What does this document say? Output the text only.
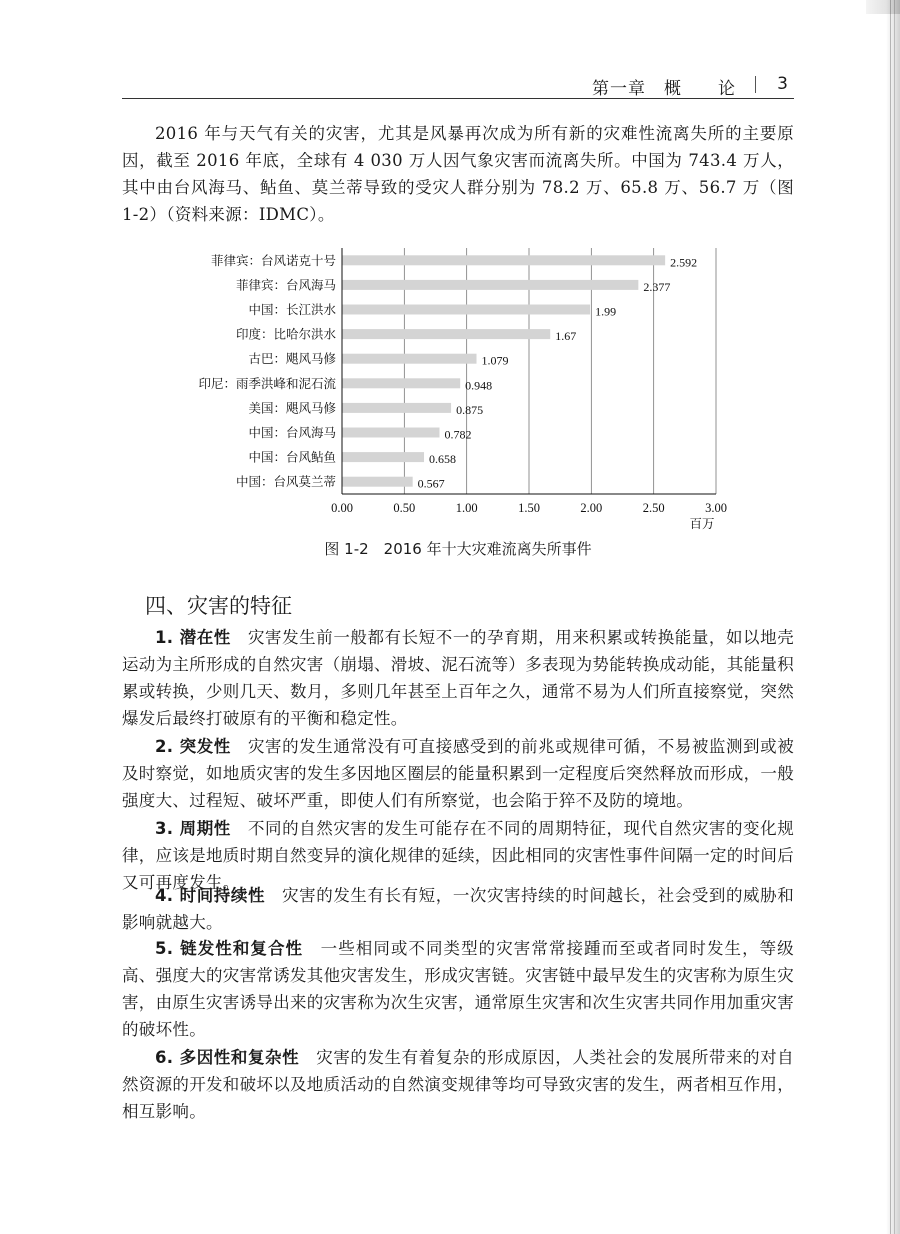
第一章　概　　论 3

2016 年与天气有关的灾害，尤其是风暴再次成为所有新的灾难性流离失所的主要原因，截至 2016 年底，全球有 4 030 万人因气象灾害而流离失所。中国为 743.4 万人，其中由台风海马、鲇鱼、莫兰蒂导致的受灾人群分别为 78.2 万、65.8 万、56.7 万（图 1-2）（资料来源：IDMC）。

菲律宾：台风诺克十号	2.592
菲律宾：台风海马	2.377
中国：长江洪水	1.99
印度：比哈尔洪水	1.67
古巴：飓风马修	1.079
印尼：雨季洪峰和泥石流	0.948
美国：飓风马修	0.875
中国：台风海马	0.782
中国：台风鲇鱼	0.658
中国：台风莫兰蒂	0.567
0.00	0.50	1.00	1.50	2.00	2.50	3.00
百万
图 1-2　2016 年十大灾难流离失所事件
四、灾害的特征

1. 潜在性　 灾害发生前一般都有长短不一的孕育期，用来积累或转换能量，如以地壳运动为主所形成的自然灾害（崩塌、滑坡、泥石流等）多表现为势能转换成动能，其能量积累或转换，少则几天、数月，多则几年甚至上百年之久，通常不易为人们所直接察觉，突然爆发后最终打破原有的平衡和稳定性。

2. 突发性　 灾害的发生通常没有可直接感受到的前兆或规律可循，不易被监测到或被及时察觉，如地质灾害的发生多因地区圈层的能量积累到一定程度后突然释放而形成，一般强度大、过程短、破坏严重，即使人们有所察觉，也会陷于猝不及防的境地。

3. 周期性　 不同的自然灾害的发生可能存在不同的周期特征，现代自然灾害的变化规律，应该是地质时期自然变异的演化规律的延续，因此相同的灾害性事件间隔一定的时间后又可再度发生。

4. 时间持续性　 灾害的发生有长有短，一次灾害持续的时间越长，社会受到的威胁和影响就越大。

5. 链发性和复合性　 一些相同或不同类型的灾害常常接踵而至或者同时发生，等级高、强度大的灾害常诱发其他灾害发生，形成灾害链。灾害链中最早发生的灾害称为原生灾害，由原生灾害诱导出来的灾害称为次生灾害，通常原生灾害和次生灾害共同作用加重灾害的破坏性。

6. 多因性和复杂性　 灾害的发生有着复杂的形成原因，人类社会的发展所带来的对自然资源的开发和破坏以及地质活动的自然演变规律等均可导致灾害的发生，两者相互作用，相互影响。
